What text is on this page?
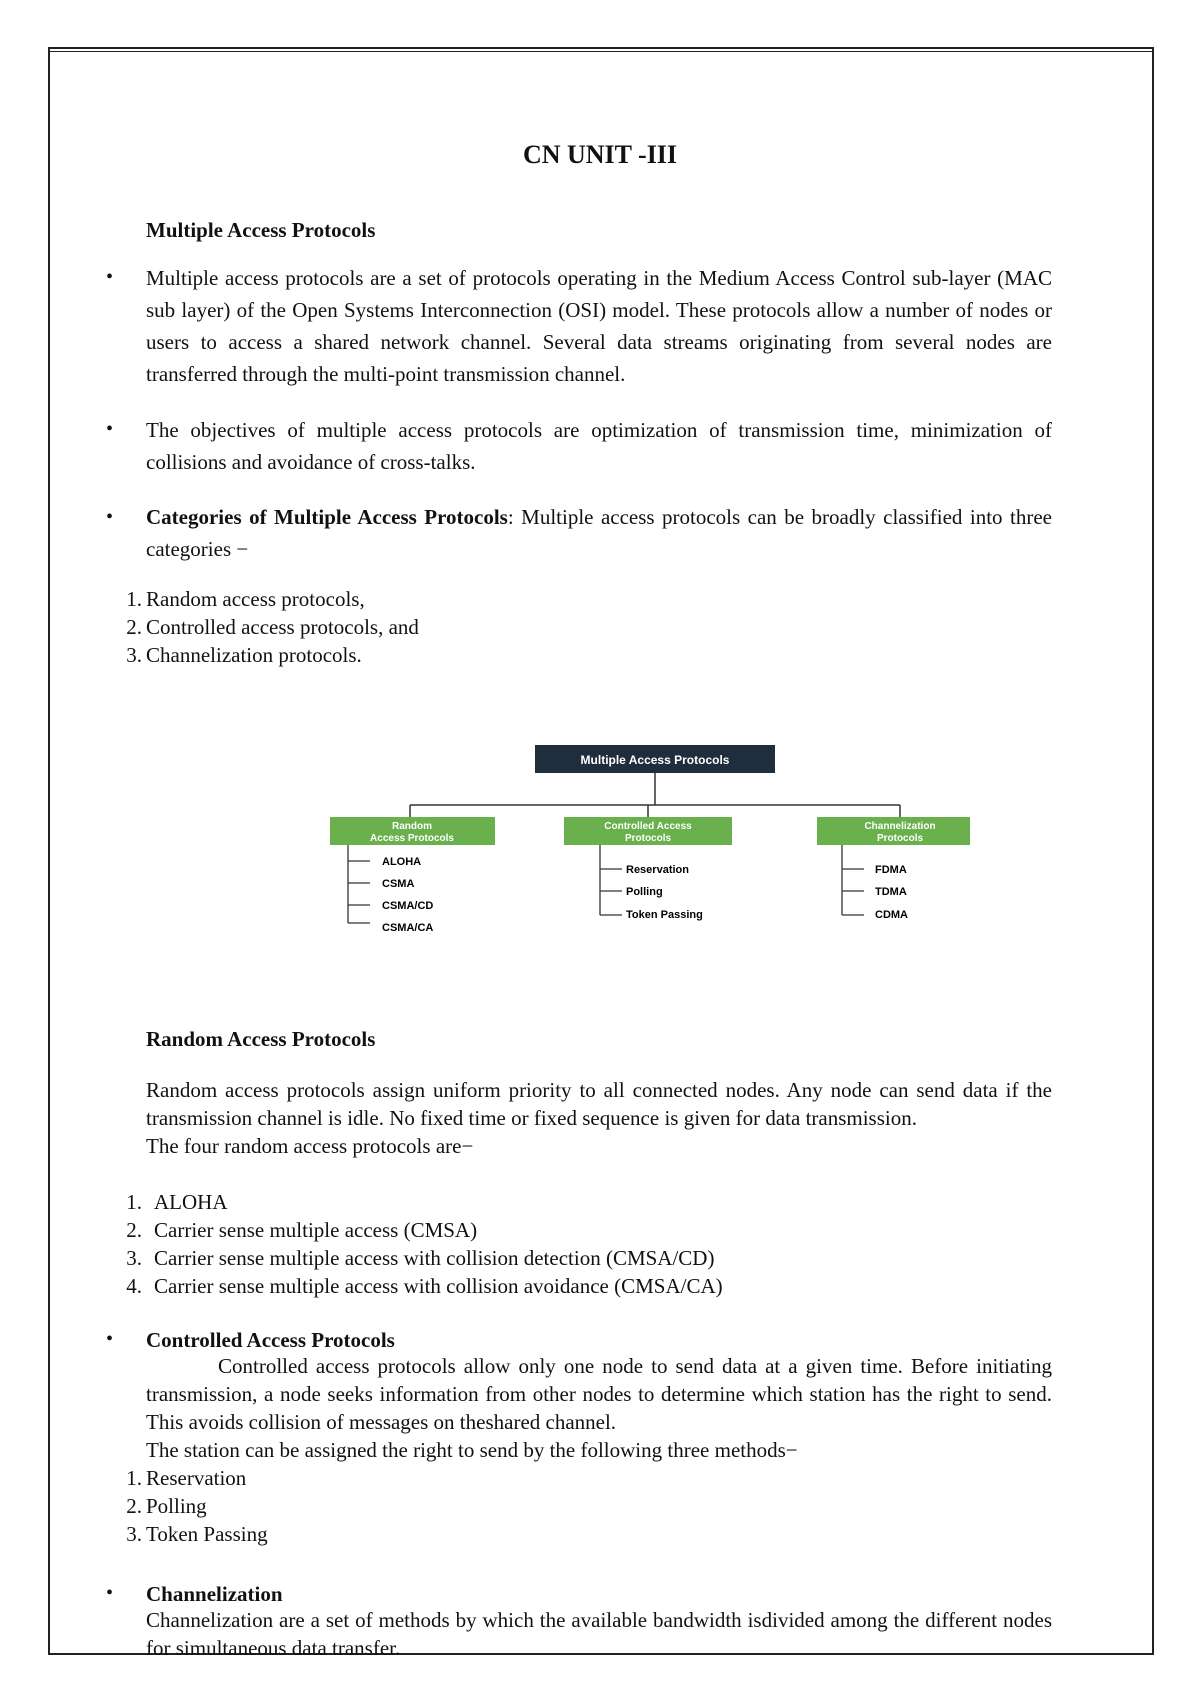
CN UNIT -III
Multiple Access Protocols
• Multiple access protocols are a set of protocols operating in the Medium Access Control sub-layer (MAC sub layer) of the Open Systems Interconnection (OSI) model. These protocols allow a number of nodes or users to access a shared network channel. Several data streams originating from several nodes are transferred through the multi-point transmission channel.

• The objectives of multiple access protocols are optimization of transmission time, minimization of collisions and avoidance of cross-talks.

• Categories of Multiple Access Protocols: Multiple access protocols can be broadly classified into three categories −

1. Random access protocols,
2. Controlled access protocols, and
3. Channelization protocols.
Multiple Access Protocols
Random
Access Protocols
ALOHA
CSMA
CSMA/CD
CSMA/CA
Controlled Access
Protocols
Reservation
Polling
Token Passing
Channelization
Protocols
FDMA
TDMA
CDMA
Random Access Protocols

Random access protocols assign uniform priority to all connected nodes. Any node can send data if the transmission channel is idle. No fixed time or fixed sequence is given for data transmission.

The four random access protocols are−
1. ALOHA
2. Carrier sense multiple access (CMSA)
3. Carrier sense multiple access with collision detection (CMSA/CD)
4. Carrier sense multiple access with collision avoidance (CMSA/CA)
• Controlled Access Protocols

Controlled access protocols allow only one node to send data at a given time. Before initiating transmission, a node seeks information from other nodes to determine which station has the right to send. This avoids collision of messages on theshared channel.

The station can be assigned the right to send by the following three methods−
1. Reservation
2. Polling
3. Token Passing
• Channelization

Channelization are a set of methods by which the available bandwidth isdivided among the different nodes for simultaneous data transfer.
